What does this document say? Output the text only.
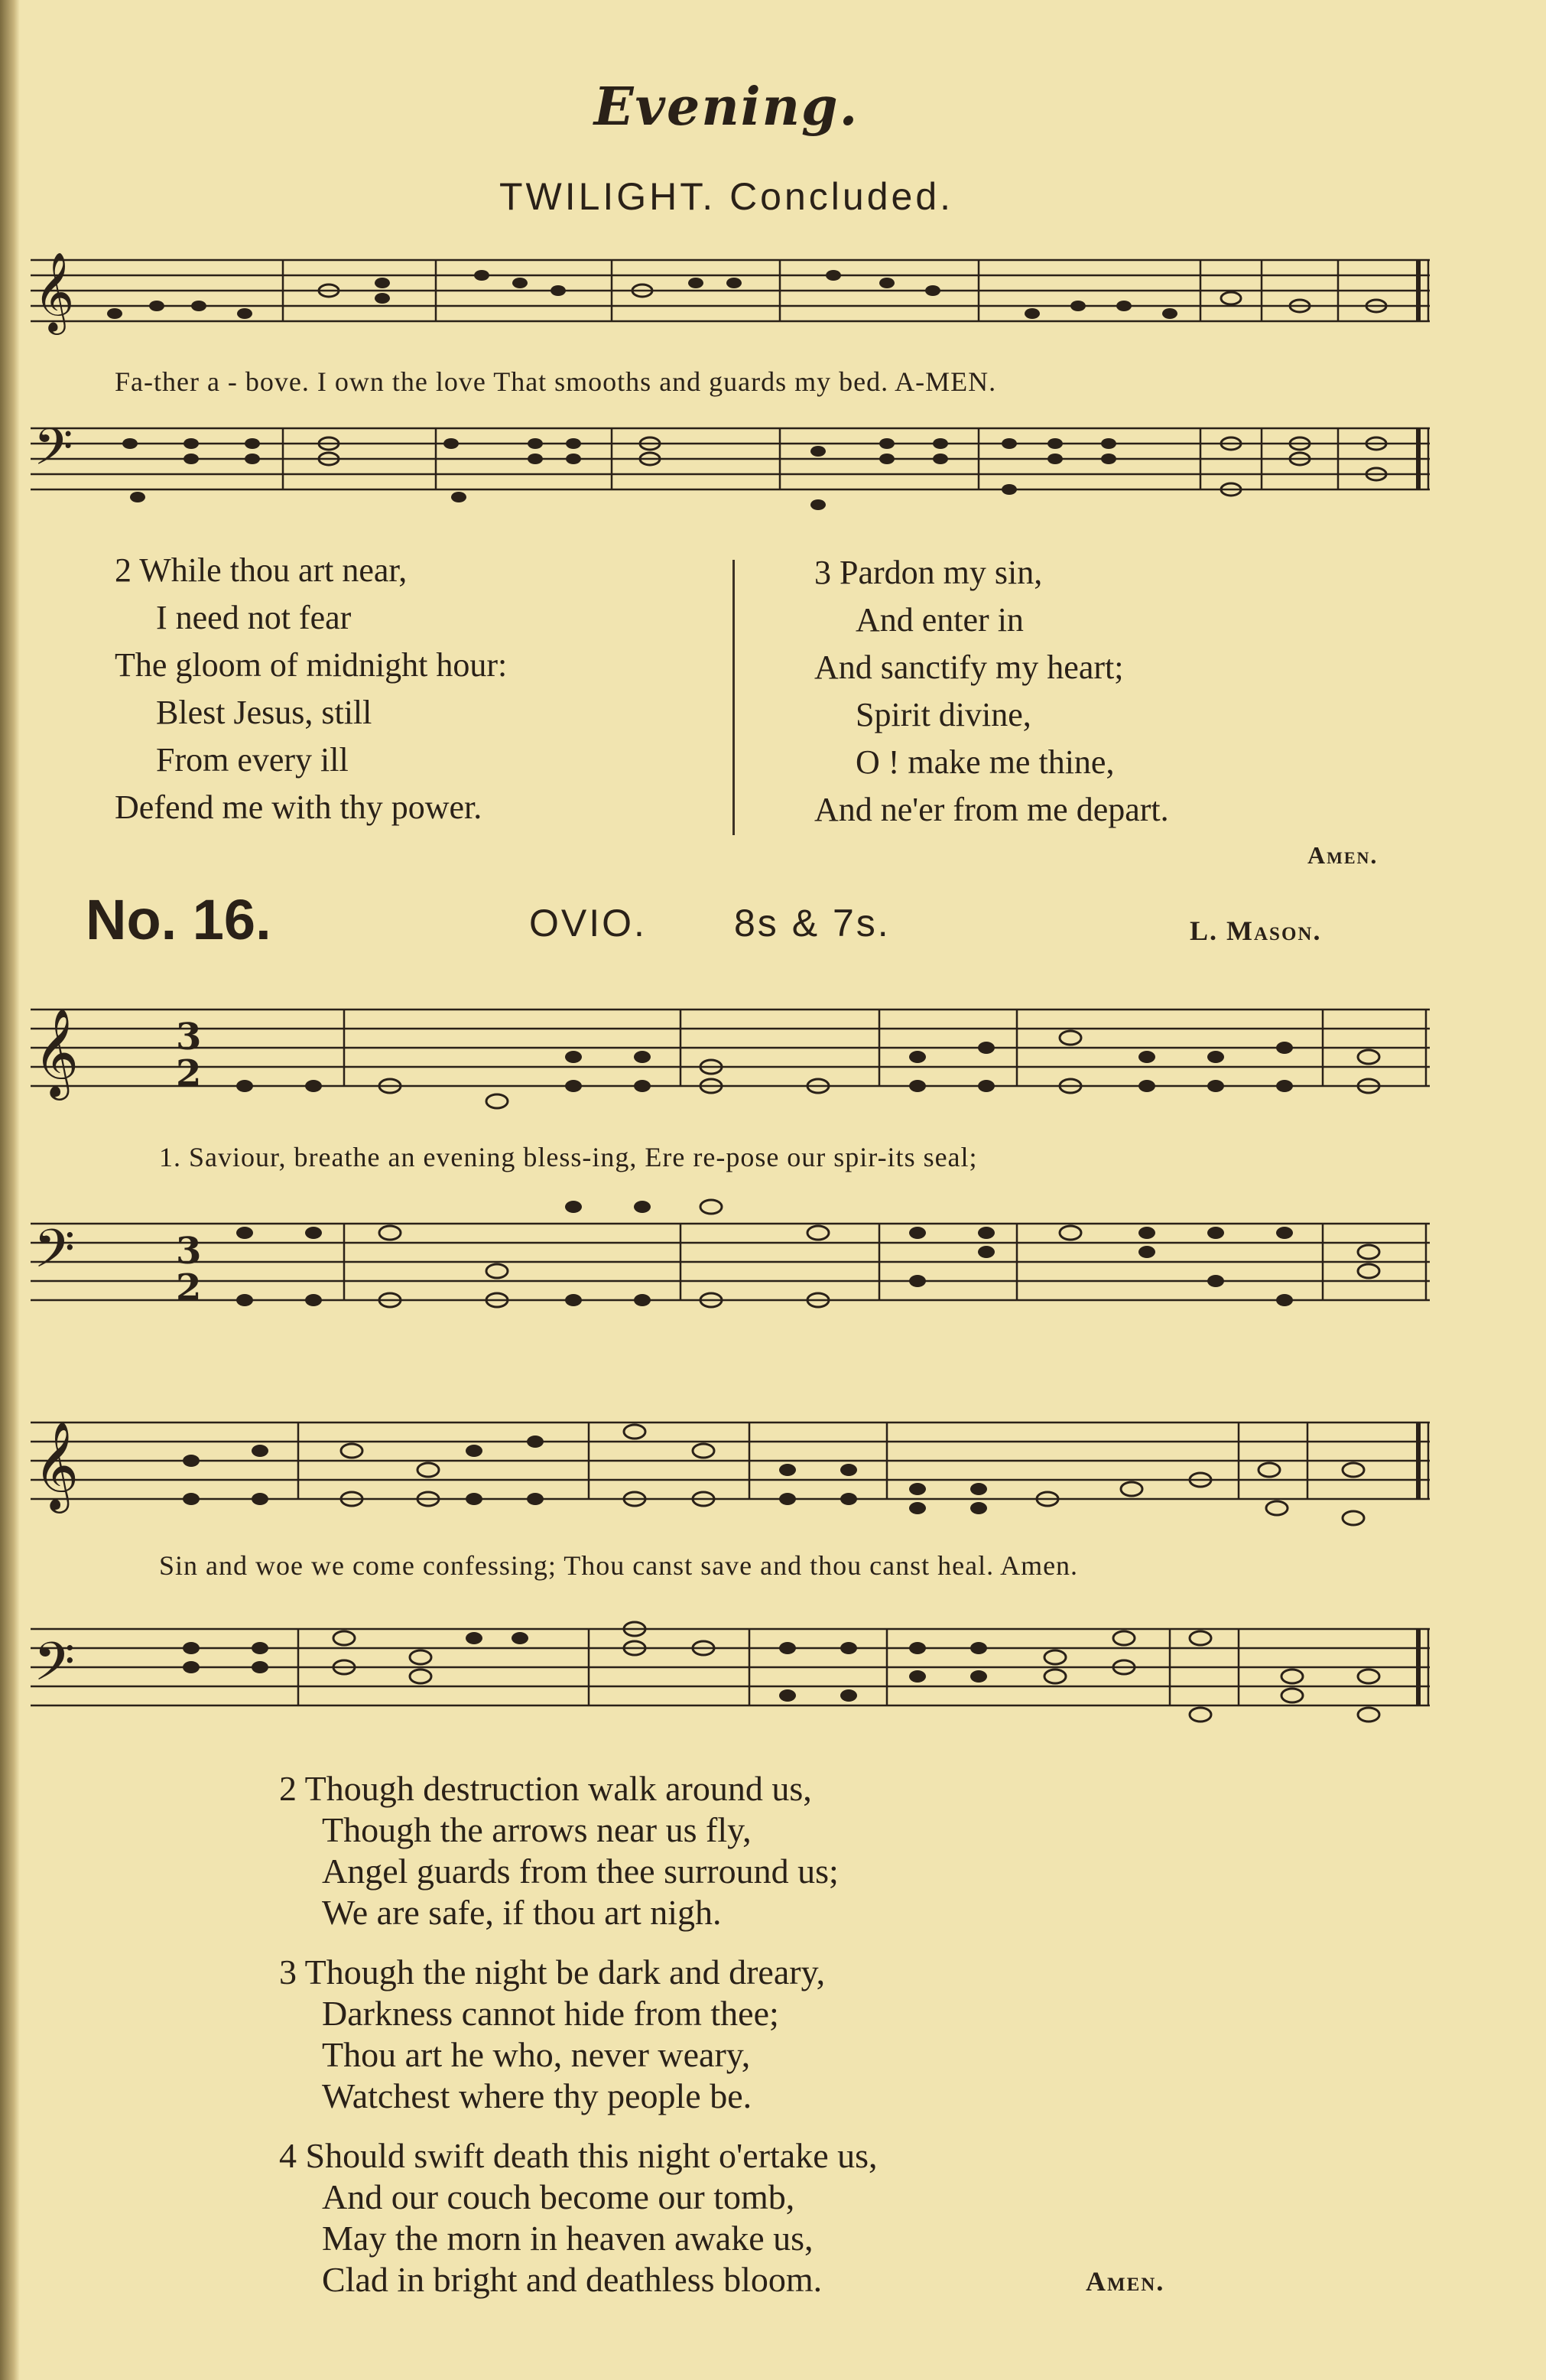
Evening.
TWILIGHT. Concluded.
𝄞
Fa-ther a - bove. I own the love That smooths and guards my bed. A-MEN.
𝄢
2 While thou art near,
I need not fear
The gloom of midnight hour:
Blest Jesus, still
From every ill
Defend me with thy power.
3 Pardon my sin,
And enter in
And sanctify my heart;
Spirit divine,
O ! make me thine,
And ne'er from me depart.
Amen.
No. 16.	OVIO. 8s & 7s.	L. Mason.
3
2
𝄞
1. Saviour, breathe an evening bless-ing, Ere re-pose our spir-its seal;
3
2
𝄢
𝄞
Sin and woe we come confessing; Thou canst save and thou canst heal. Amen.
𝄢
2 Though destruction walk around us,
Though the arrows near us fly,
Angel guards from thee surround us;
We are safe, if thou art nigh.
3 Though the night be dark and dreary,
Darkness cannot hide from thee;
Thou art he who, never weary,
Watchest where thy people be.
4 Should swift death this night o'ertake us,
And our couch become our tomb,
May the morn in heaven awake us,
Clad in bright and deathless bloom.	Amen.
